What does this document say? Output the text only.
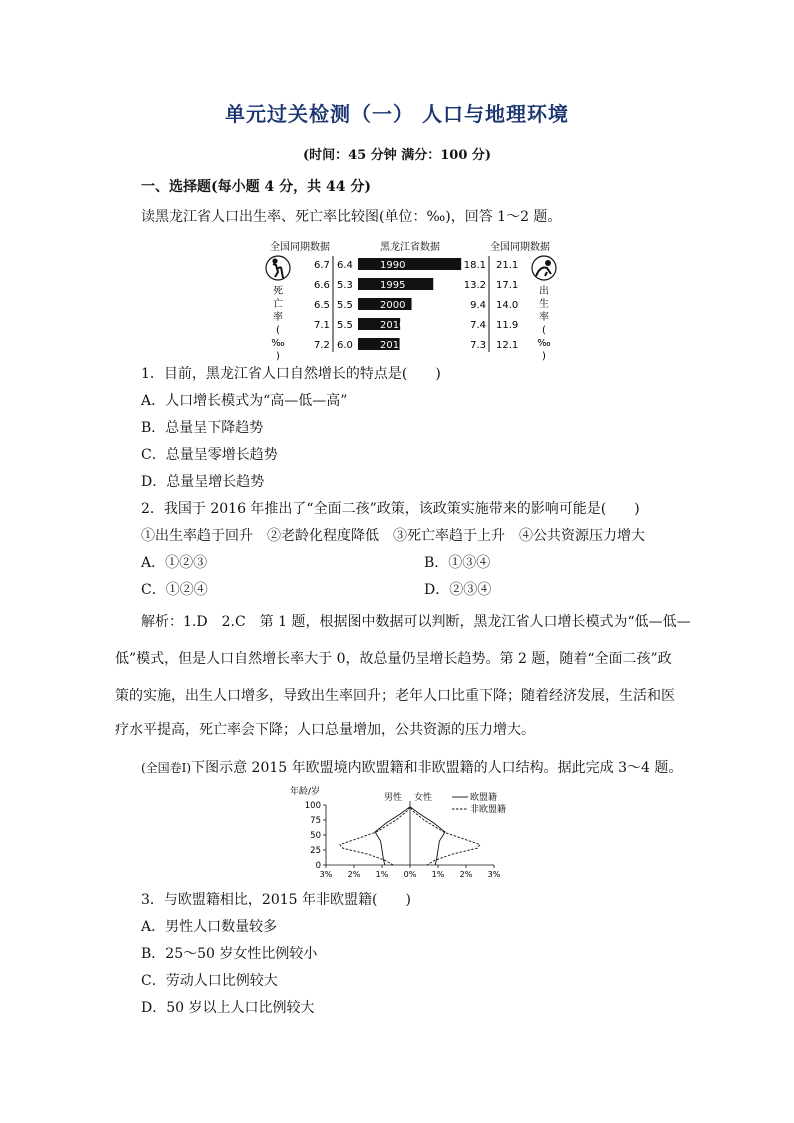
单元过关检测（一） 人口与地理环境
(时间：45 分钟 满分：100 分)
一、选择题(每小题 4 分，共 44 分)
读黑龙江省人口出生率、死亡率比较图(单位：‰)，回答 1～2 题。
全国同期数据	黑龙江省数据	全国同期数据
死
亡
率
(
‰
)
出
生
率
(
‰
)
6.7 6.4	1990	18.1 21.1
6.6 5.3	1995	13.2 17.1
6.5 5.5	2000	9.4 14.0
7.1 5.5	2010	7.4 11.9
7.2 6.0	2012	7.3 12.1
1．目前，黑龙江省人口自然增长的特点是(　　)
A．人口增长模式为“高—低—高”
B．总量呈下降趋势
C．总量呈零增长趋势
D．总量呈增长趋势
2．我国于 2016 年推出了“全面二孩”政策，该政策实施带来的影响可能是(　　)
①出生率趋于回升　②老龄化程度降低　③死亡率趋于上升　④公共资源压力增大
A．①②③	B．①③④
C．①②④	D．②③④
解析：1.D　2.C　第 1 题，根据图中数据可以判断，黑龙江省人口增长模式为“低—低—
低”模式，但是人口自然增长率大于 0，故总量仍呈增长趋势。第 2 题，随着“全面二孩”政
策的实施，出生人口增多，导致出生率回升；老年人口比重下降；随着经济发展，生活和医
疗水平提高，死亡率会下降；人口总量增加，公共资源的压力增大。
(全国卷Ⅰ)下图示意 2015 年欧盟境内欧盟籍和非欧盟籍的人口结构。据此完成 3～4 题。
年龄/岁
0
25
50
75
100
3% 2% 1% 0% 1% 2% 3%
男性 女性	欧盟籍
非欧盟籍
3．与欧盟籍相比，2015 年非欧盟籍(　　)
A．男性人口数量较多
B．25～50 岁女性比例较小
C．劳动人口比例较大
D．50 岁以上人口比例较大
